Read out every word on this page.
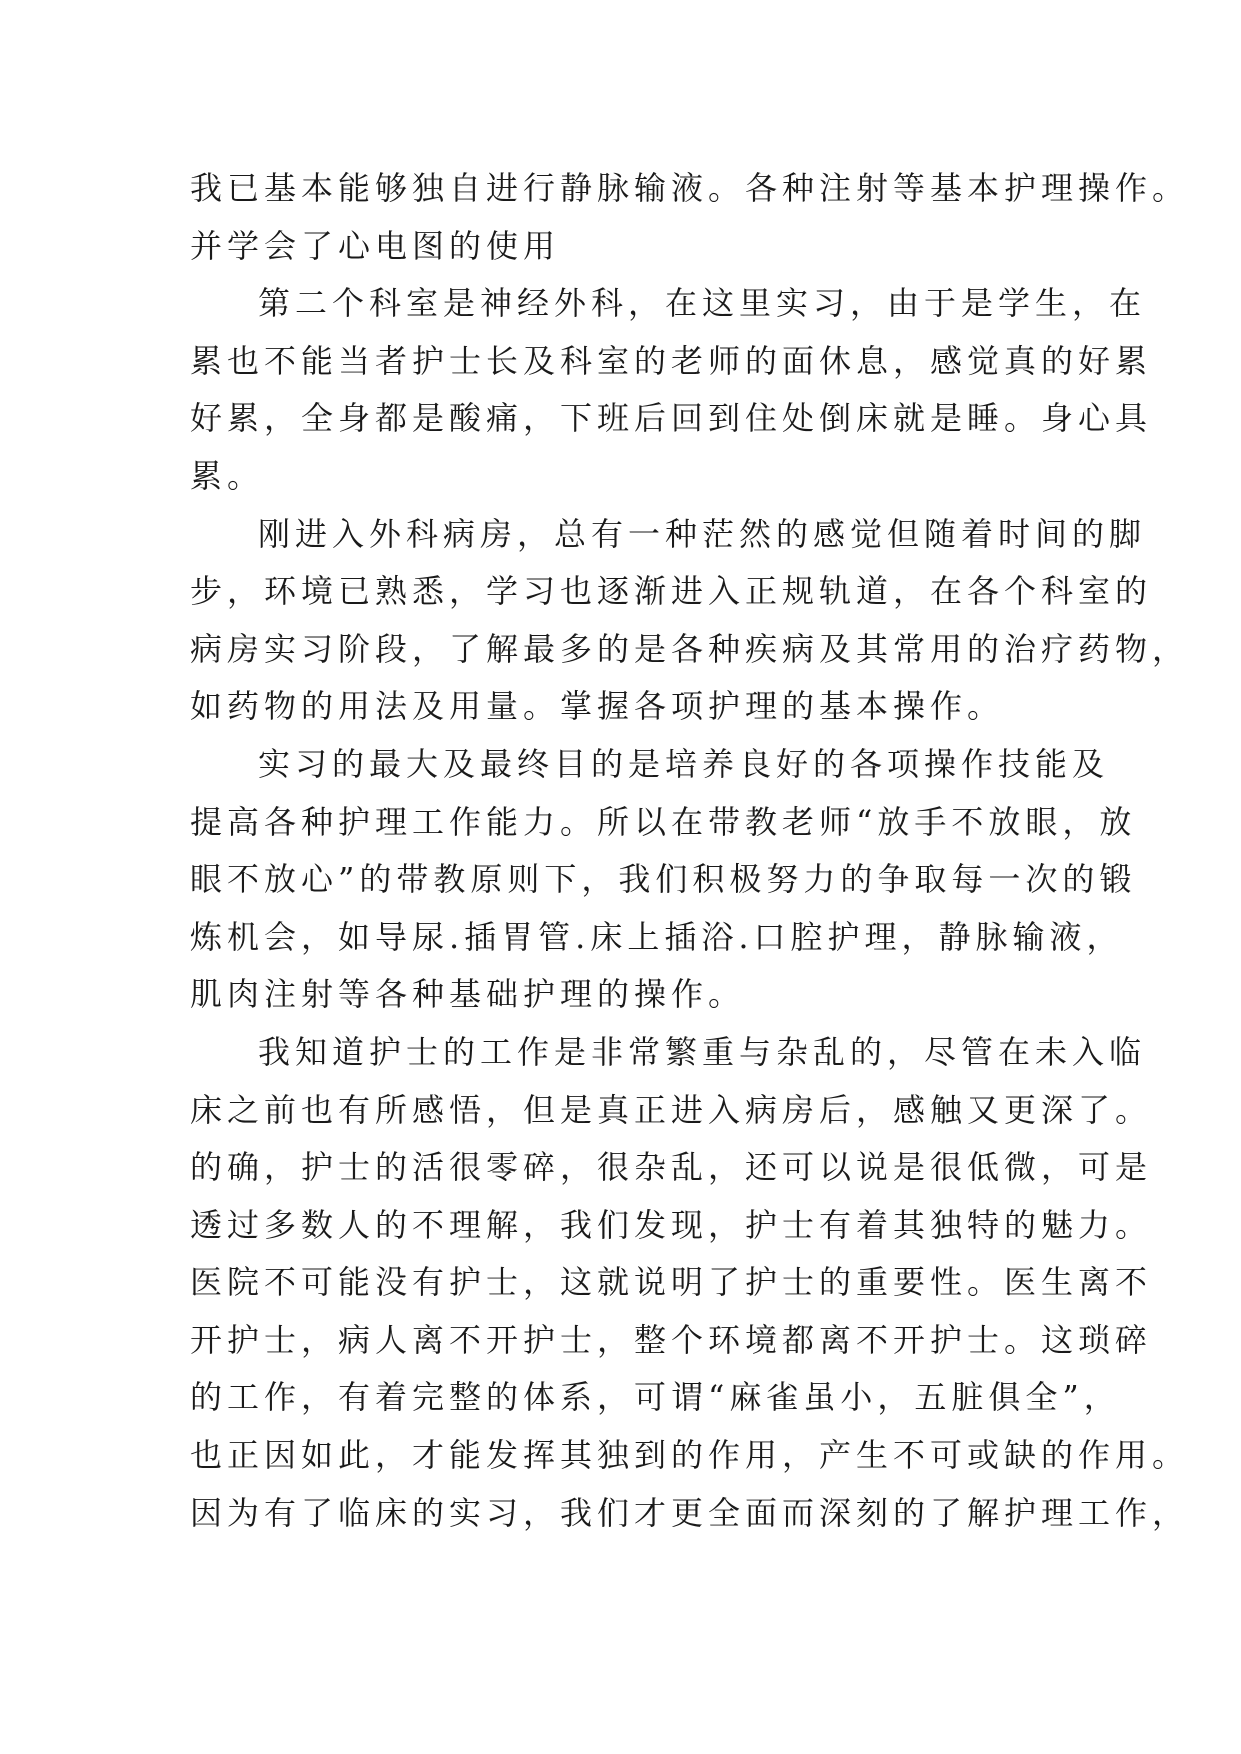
我已基本能够独自进行静脉输液。各种注射等基本护理操作。
并学会了心电图的使用
第二个科室是神经外科，在这里实习，由于是学生，在
累也不能当者护士长及科室的老师的面休息，感觉真的好累
好累，全身都是酸痛，下班后回到住处倒床就是睡。身心具
累。
刚进入外科病房，总有一种茫然的感觉但随着时间的脚
步，环境已熟悉，学习也逐渐进入正规轨道，在各个科室的
病房实习阶段，了解最多的是各种疾病及其常用的治疗药物，
如药物的用法及用量。掌握各项护理的基本操作。
实习的最大及最终目的是培养良好的各项操作技能及
提高各种护理工作能力。所以在带教老师“放手不放眼，放
眼不放心”的带教原则下，我们积极努力的争取每一次的锻
炼机会，如导尿.插胃管.床上插浴.口腔护理，静脉输液，
肌肉注射等各种基础护理的操作。
我知道护士的工作是非常繁重与杂乱的，尽管在未入临
床之前也有所感悟，但是真正进入病房后，感触又更深了。
的确，护士的活很零碎，很杂乱，还可以说是很低微，可是
透过多数人的不理解，我们发现，护士有着其独特的魅力。
医院不可能没有护士，这就说明了护士的重要性。医生离不
开护士，病人离不开护士，整个环境都离不开护士。这琐碎
的工作，有着完整的体系，可谓“麻雀虽小，五脏俱全”，
也正因如此，才能发挥其独到的作用，产生不可或缺的作用。
因为有了临床的实习，我们才更全面而深刻的了解护理工作，
